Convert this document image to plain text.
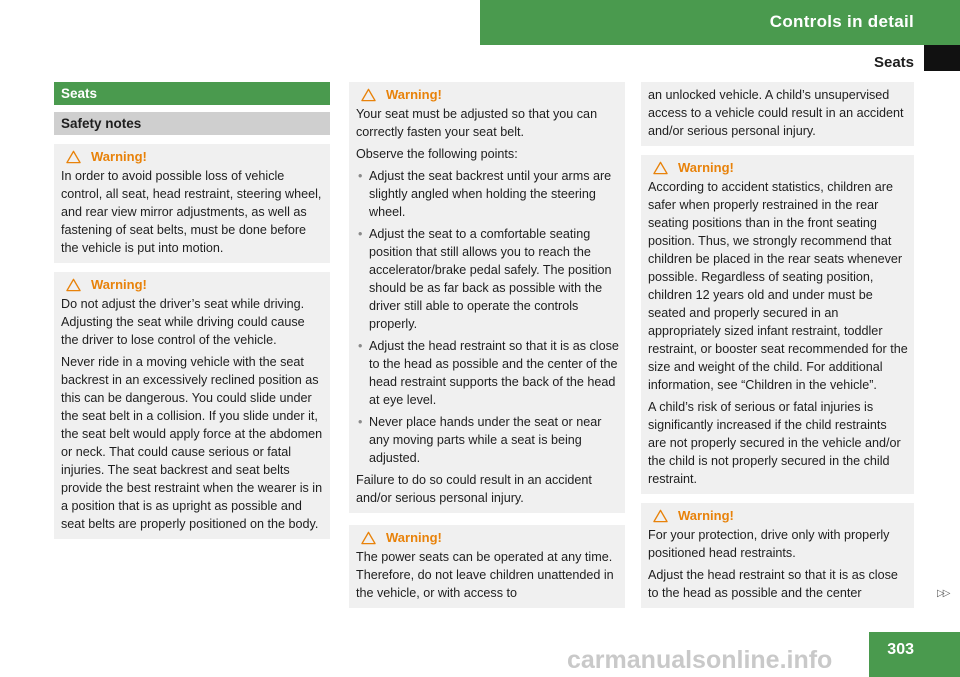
Controls in detail
Seats
Seats
Safety notes
Warning!

In order to avoid possible loss of vehicle control, all seat, head restraint, steering wheel, and rear view mirror adjustments, as well as fastening of seat belts, must be done before the vehicle is put into motion.

Warning!

Do not adjust the driver’s seat while driving. Adjusting the seat while driving could cause the driver to lose control of the vehicle.

Never ride in a moving vehicle with the seat backrest in an excessively reclined position as this can be dangerous. You could slide under the seat belt in a collision. If you slide under it, the seat belt would apply force at the abdomen or neck. That could cause serious or fatal injuries. The seat backrest and seat belts provide the best restraint when the wearer is in a position that is as upright as possible and seat belts are properly positioned on the body.

Warning!

Your seat must be adjusted so that you can correctly fasten your seat belt.

Observe the following points:

• Adjust the seat backrest until your arms are slightly angled when holding the steering wheel.
• Adjust the seat to a comfortable seating position that still allows you to reach the accelerator/brake pedal safely. The position should be as far back as possible with the driver still able to operate the controls properly.
• Adjust the head restraint so that it is as close to the head as possible and the center of the head restraint supports the back of the head at eye level.
• Never place hands under the seat or near any moving parts while a seat is being adjusted.

Failure to do so could result in an accident and/or serious personal injury.

Warning!

The power seats can be operated at any time. Therefore, do not leave children unattended in the vehicle, or with access to

an unlocked vehicle. A child’s unsupervised access to a vehicle could result in an accident and/or serious personal injury.

Warning!

According to accident statistics, children are safer when properly restrained in the rear seating positions than in the front seating position. Thus, we strongly recommend that children be placed in the rear seats whenever possible. Regardless of seating position, children 12 years old and under must be seated and properly secured in an appropriately sized infant restraint, toddler restraint, or booster seat recommended for the size and weight of the child. For additional information, see “Children in the vehicle”.

A child’s risk of serious or fatal injuries is significantly increased if the child restraints are not properly secured in the vehicle and/or the child is not properly secured in the child restraint.

Warning!

For your protection, drive only with properly positioned head restraints.

Adjust the head restraint so that it is as close to the head as possible and the center	▷▷
carmanualsonline.info	303
